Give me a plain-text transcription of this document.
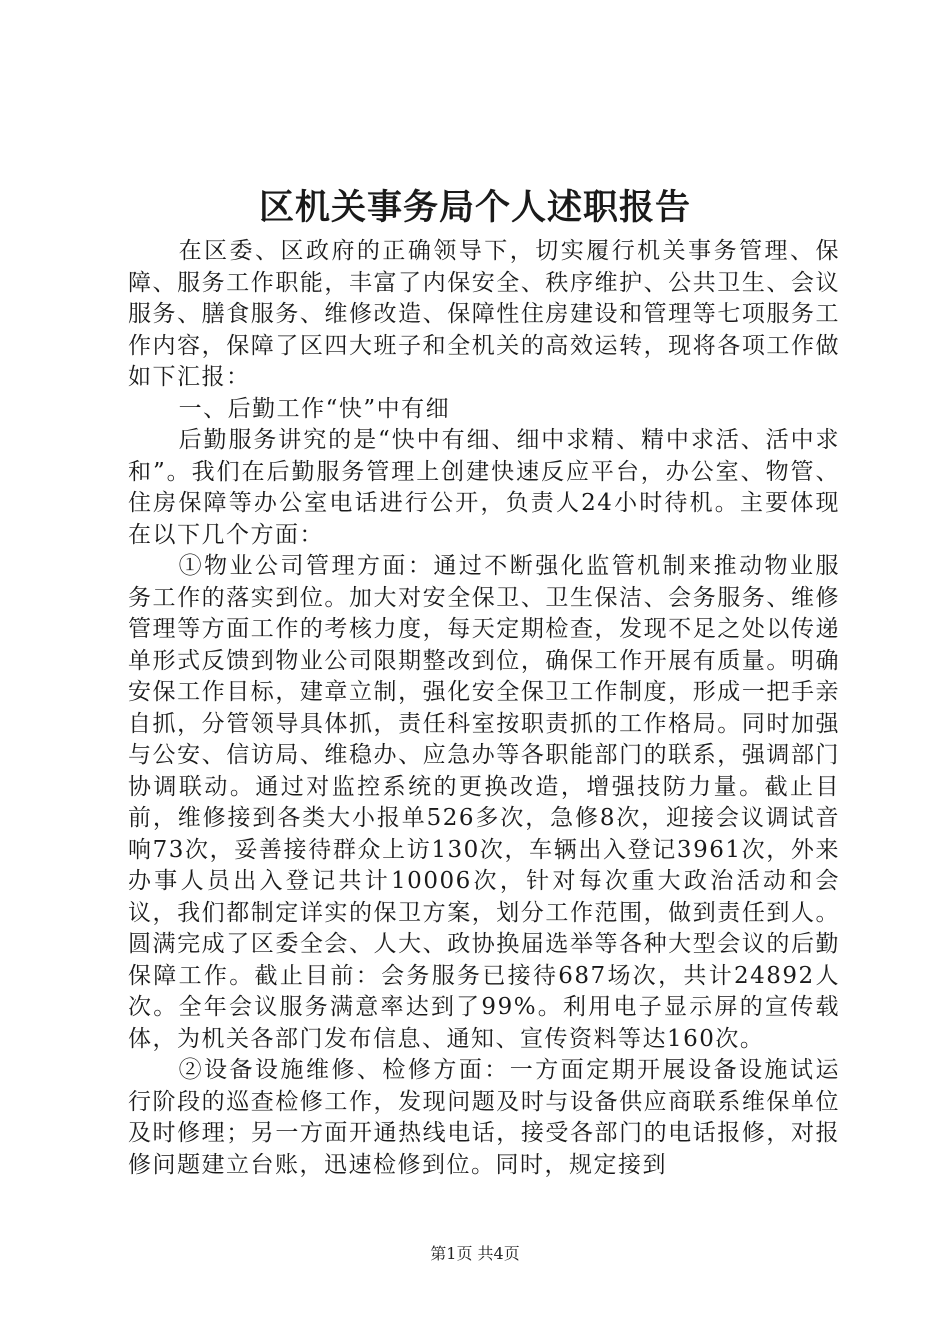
区机关事务局个人述职报告

在区委、区政府的正确领导下，切实履行机关事务管理、保障、服务工作职能，丰富了内保安全、秩序维护、公共卫生、会议服务、膳食服务、维修改造、保障性住房建设和管理等七项服务工作内容，保障了区四大班子和全机关的高效运转，现将各项工作做如下汇报：

一、后勤工作“快”中有细

后勤服务讲究的是“快中有细、细中求精、精中求活、活中求和”。我们在后勤服务管理上创建快速反应平台，办公室、物管、住房保障等办公室电话进行公开，负责人24小时待机。主要体现在以下几个方面：

①物业公司管理方面：通过不断强化监管机制来推动物业服务工作的落实到位。加大对安全保卫、卫生保洁、会务服务、维修管理等方面工作的考核力度，每天定期检查，发现不足之处以传递单形式反馈到物业公司限期整改到位，确保工作开展有质量。明确安保工作目标，建章立制，强化安全保卫工作制度，形成一把手亲自抓，分管领导具体抓，责任科室按职责抓的工作格局。同时加强与公安、信访局、维稳办、应急办等各职能部门的联系，强调部门协调联动。通过对监控系统的更换改造，增强技防力量。截止目前，维修接到各类大小报单526多次，急修8次，迎接会议调试音响73次，妥善接待群众上访130次，车辆出入登记3961次，外来办事人员出入登记共计10006次，针对每次重大政治活动和会议，我们都制定详实的保卫方案，划分工作范围，做到责任到人。圆满完成了区委全会、人大、政协换届选举等各种大型会议的后勤保障工作。截止目前：会务服务已接待687场次，共计24892人次。全年会议服务满意率达到了99%。利用电子显示屏的宣传载体，为机关各部门发布信息、通知、宣传资料等达160次。

②设备设施维修、检修方面：一方面定期开展设备设施试运行阶段的巡查检修工作，发现问题及时与设备供应商联系维保单位及时修理；另一方面开通热线电话，接受各部门的电话报修，对报修问题建立台账，迅速检修到位。同时，规定接到

第1页 共4页
